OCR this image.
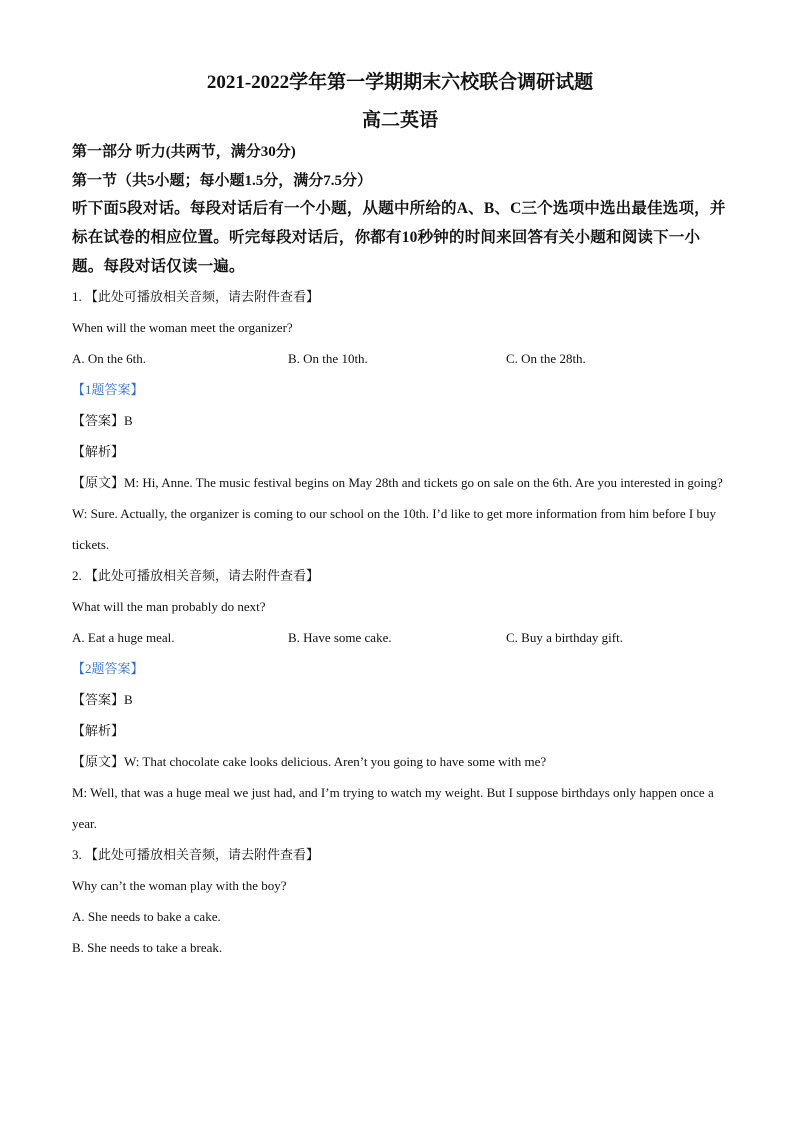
2021-2022学年第一学期期末六校联合调研试题
高二英语
第一部分 听力(共两节，满分30分)
第一节（共5小题；每小题1.5分，满分7.5分）
听下面5段对话。每段对话后有一个小题，从题中所给的A、B、C三个选项中选出最佳选项，并标在试卷的相应位置。听完每段对话后，你都有10秒钟的时间来回答有关小题和阅读下一小题。每段对话仅读一遍。
1. 【此处可播放相关音频，请去附件查看】
When will the woman meet the organizer?
A. On the 6th.	B. On the 10th.	C. On the 28th.
【1题答案】
【答案】B
【解析】
【原文】M: Hi, Anne. The music festival begins on May 28th and tickets go on sale on the 6th. Are you interested in going?
W: Sure. Actually, the organizer is coming to our school on the 10th. I’d like to get more information from him before I buy tickets.
2. 【此处可播放相关音频，请去附件查看】
What will the man probably do next?
A. Eat a huge meal.	B. Have some cake.	C. Buy a birthday gift.
【2题答案】
【答案】B
【解析】
【原文】W: That chocolate cake looks delicious. Aren’t you going to have some with me?
M: Well, that was a huge meal we just had, and I’m trying to watch my weight. But I suppose birthdays only happen once a year.
3. 【此处可播放相关音频，请去附件查看】
Why can’t the woman play with the boy?
A. She needs to bake a cake.
B. She needs to take a break.
